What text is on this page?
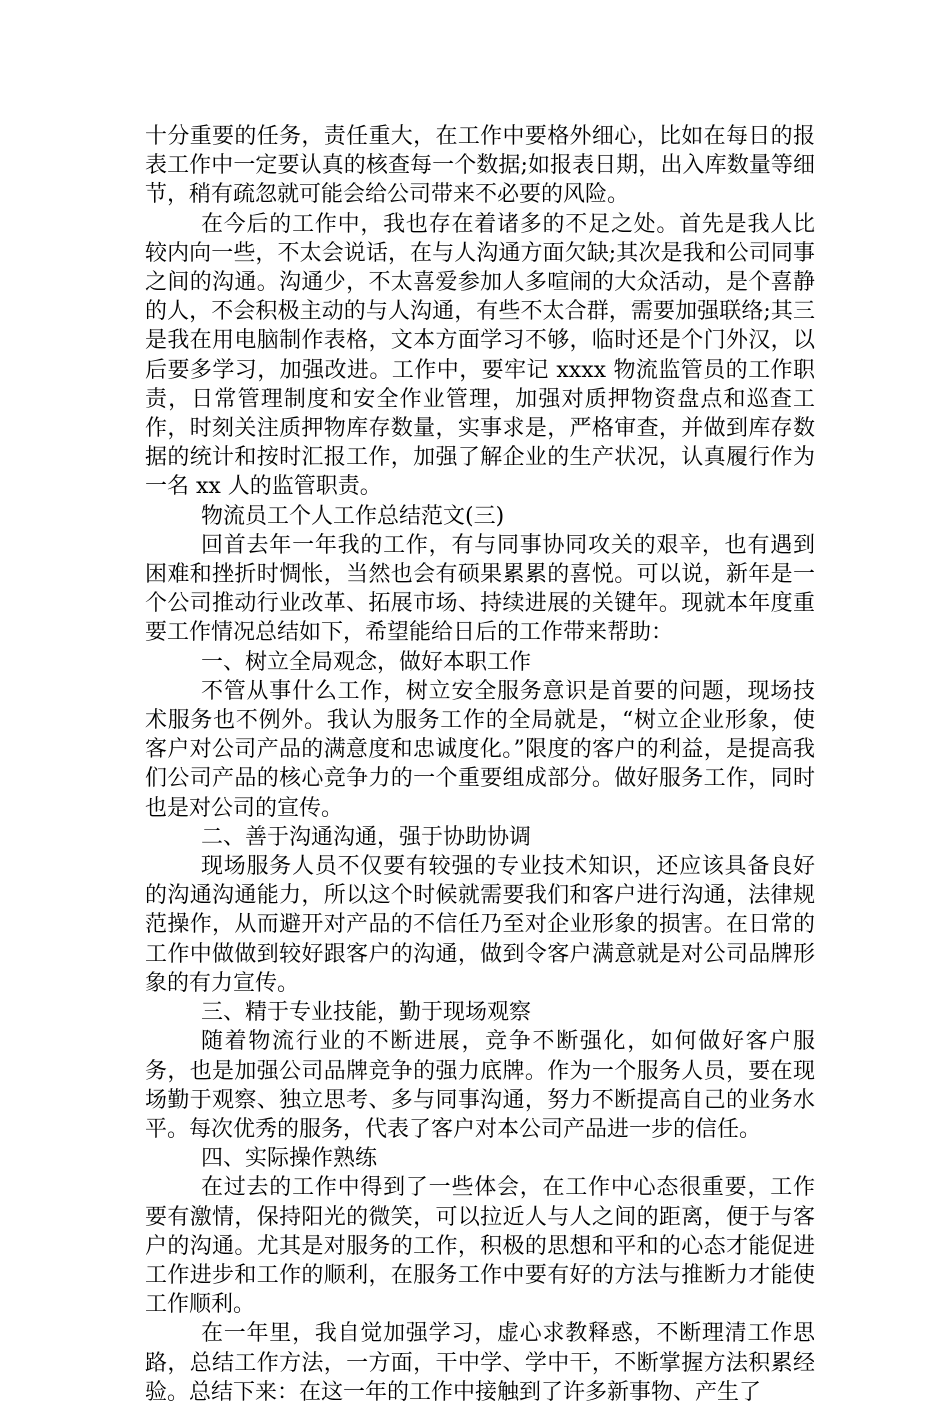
十分重要的任务，责任重大，在工作中要格外细心，比如在每日的报表工作中一定要认真的核查每一个数据;如报表日期，出入库数量等细节，稍有疏忽就可能会给公司带来不必要的风险。

在今后的工作中，我也存在着诸多的不足之处。首先是我人比较内向一些，不太会说话，在与人沟通方面欠缺;其次是我和公司同事之间的沟通。沟通少，不太喜爱参加人多喧闹的大众活动，是个喜静的人，不会积极主动的与人沟通，有些不太合群，需要加强联络;其三是我在用电脑制作表格，文本方面学习不够，临时还是个门外汉，以后要多学习，加强改进。工作中，要牢记 xxxx 物流监管员的工作职责，日常管理制度和安全作业管理，加强对质押物资盘点和巡查工作，时刻关注质押物库存数量，实事求是，严格审查，并做到库存数据的统计和按时汇报工作，加强了解企业的生产状况，认真履行作为一名 xx 人的监管职责。

物流员工个人工作总结范文(三)

回首去年一年我的工作，有与同事协同攻关的艰辛，也有遇到困难和挫折时惆怅，当然也会有硕果累累的喜悦。可以说，新年是一个公司推动行业改革、拓展市场、持续进展的关键年。现就本年度重要工作情况总结如下，希望能给日后的工作带来帮助：

一、树立全局观念，做好本职工作

不管从事什么工作，树立安全服务意识是首要的问题，现场技术服务也不例外。我认为服务工作的全局就是，“树立企业形象，使客户对公司产品的满意度和忠诚度化。”限度的客户的利益，是提高我们公司产品的核心竞争力的一个重要组成部分。做好服务工作，同时也是对公司的宣传。

二、善于沟通沟通，强于协助协调

现场服务人员不仅要有较强的专业技术知识，还应该具备良好的沟通沟通能力，所以这个时候就需要我们和客户进行沟通，法律规范操作，从而避开对产品的不信任乃至对企业形象的损害。在日常的工作中做做到较好跟客户的沟通，做到令客户满意就是对公司品牌形象的有力宣传。

三、精于专业技能，勤于现场观察

随着物流行业的不断进展，竞争不断强化，如何做好客户服务，也是加强公司品牌竞争的强力底牌。作为一个服务人员，要在现场勤于观察、独立思考、多与同事沟通，努力不断提高自己的业务水平。每次优秀的服务，代表了客户对本公司产品进一步的信任。

四、实际操作熟练

在过去的工作中得到了一些体会，在工作中心态很重要，工作要有激情，保持阳光的微笑，可以拉近人与人之间的距离，便于与客户的沟通。尤其是对服务的工作，积极的思想和平和的心态才能促进工作进步和工作的顺利，在服务工作中要有好的方法与推断力才能使工作顺利。

在一年里，我自觉加强学习，虚心求教释惑，不断理清工作思路，总结工作方法，一方面，干中学、学中干，不断掌握方法积累经验。总结下来：在这一年的工作中接触到了许多新事物、产生了
